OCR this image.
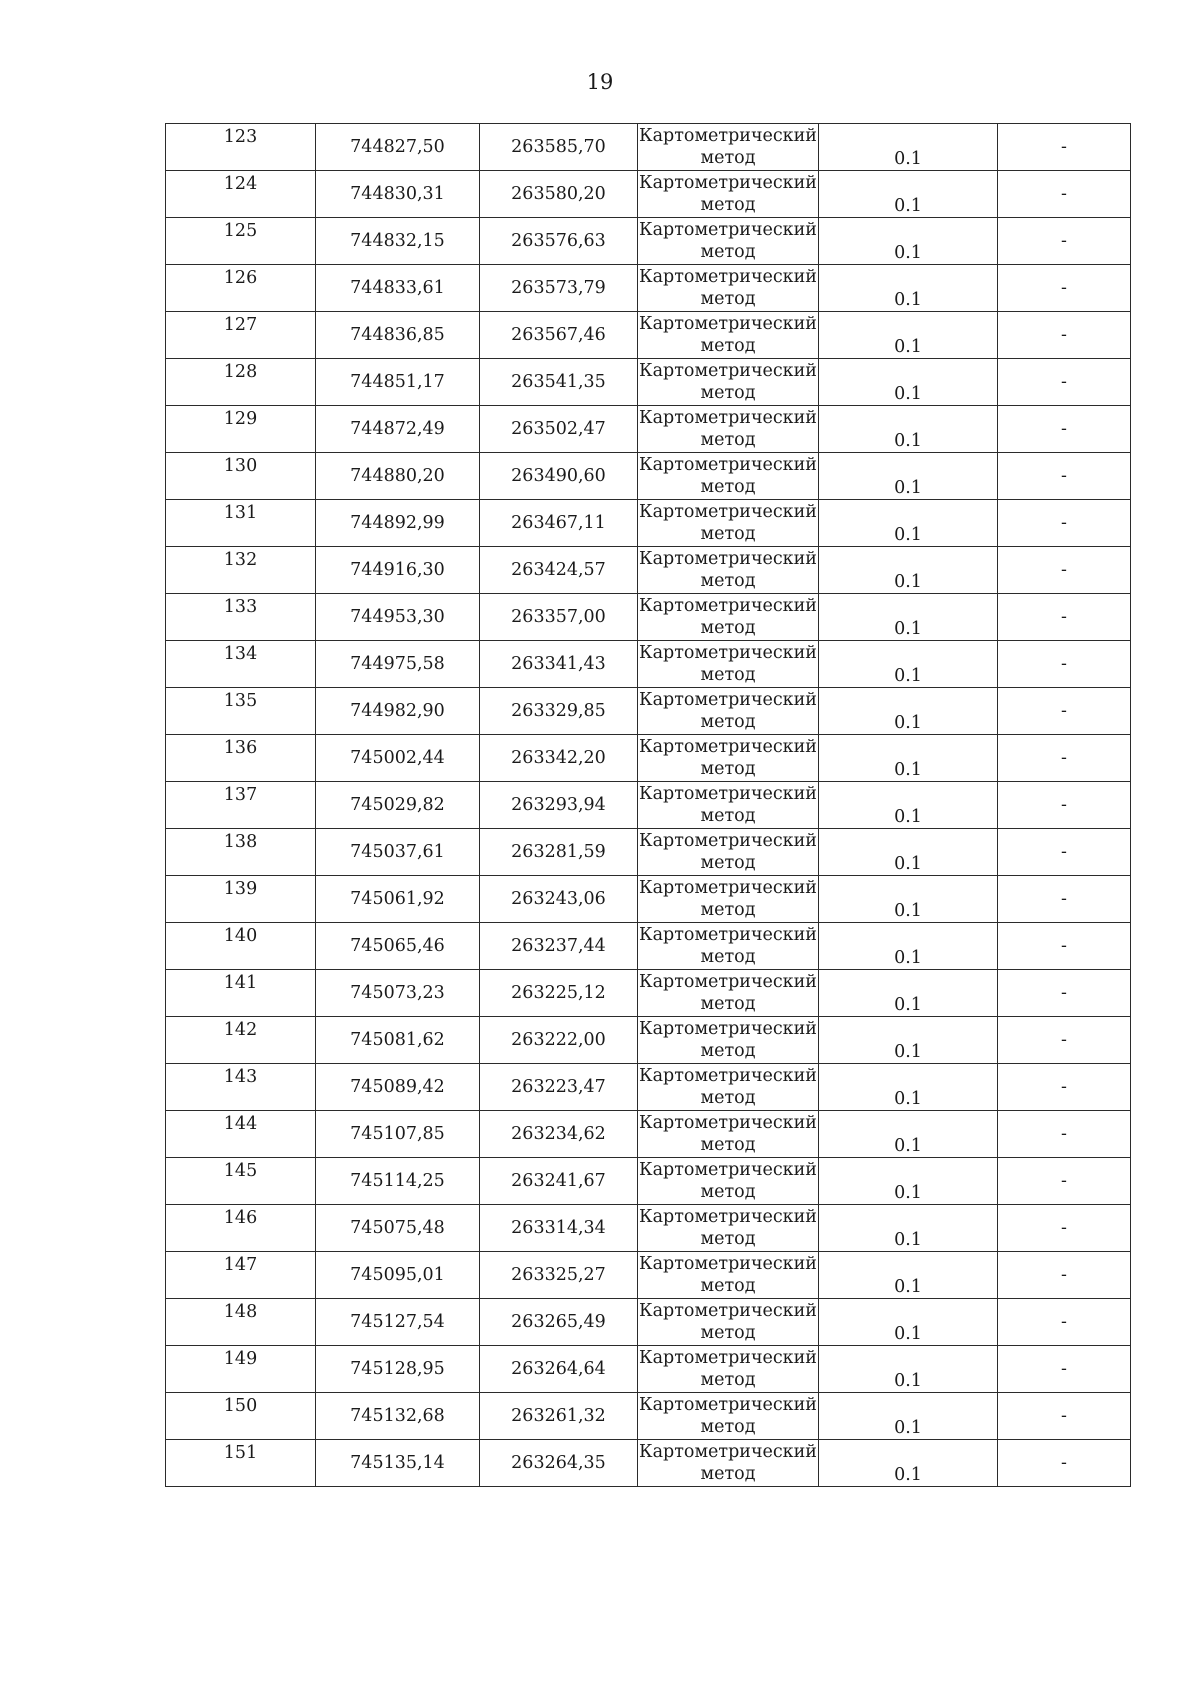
19
123	744827,50	263585,70	Картометрический метод	0.1	-
124	744830,31	263580,20	Картометрический метод	0.1	-
125	744832,15	263576,63	Картометрический метод	0.1	-
126	744833,61	263573,79	Картометрический метод	0.1	-
127	744836,85	263567,46	Картометрический метод	0.1	-
128	744851,17	263541,35	Картометрический метод	0.1	-
129	744872,49	263502,47	Картометрический метод	0.1	-
130	744880,20	263490,60	Картометрический метод	0.1	-
131	744892,99	263467,11	Картометрический метод	0.1	-
132	744916,30	263424,57	Картометрический метод	0.1	-
133	744953,30	263357,00	Картометрический метод	0.1	-
134	744975,58	263341,43	Картометрический метод	0.1	-
135	744982,90	263329,85	Картометрический метод	0.1	-
136	745002,44	263342,20	Картометрический метод	0.1	-
137	745029,82	263293,94	Картометрический метод	0.1	-
138	745037,61	263281,59	Картометрический метод	0.1	-
139	745061,92	263243,06	Картометрический метод	0.1	-
140	745065,46	263237,44	Картометрический метод	0.1	-
141	745073,23	263225,12	Картометрический метод	0.1	-
142	745081,62	263222,00	Картометрический метод	0.1	-
143	745089,42	263223,47	Картометрический метод	0.1	-
144	745107,85	263234,62	Картометрический метод	0.1	-
145	745114,25	263241,67	Картометрический метод	0.1	-
146	745075,48	263314,34	Картометрический метод	0.1	-
147	745095,01	263325,27	Картометрический метод	0.1	-
148	745127,54	263265,49	Картометрический метод	0.1	-
149	745128,95	263264,64	Картометрический метод	0.1	-
150	745132,68	263261,32	Картометрический метод	0.1	-
151	745135,14	263264,35	Картометрический метод	0.1	-
